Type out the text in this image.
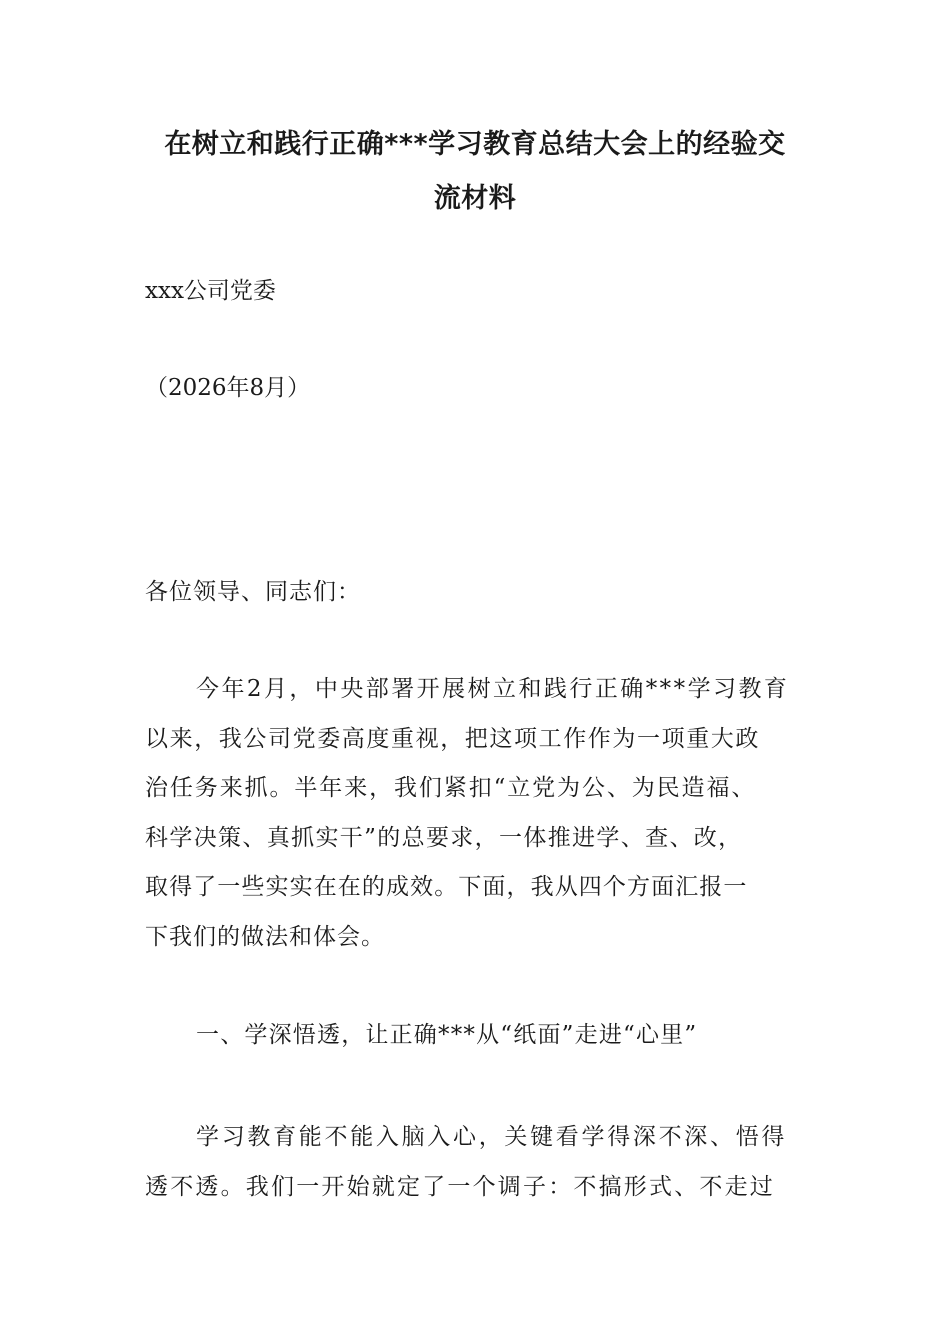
在树立和践行正确***学习教育总结大会上的经验交
流材料

xxx公司党委

（2026年8月）

各位领导、同志们：

今年2月，中央部署开展树立和践行正确***学习教育
以来，我公司党委高度重视，把这项工作作为一项重大政
治任务来抓。半年来，我们紧扣“立党为公、为民造福、
科学决策、真抓实干”的总要求，一体推进学、查、改，
取得了一些实实在在的成效。下面，我从四个方面汇报一
下我们的做法和体会。

一、学深悟透，让正确***从“纸面”走进“心里”

学习教育能不能入脑入心，关键看学得深不深、悟得
透不透。我们一开始就定了一个调子：不搞形式、不走过
